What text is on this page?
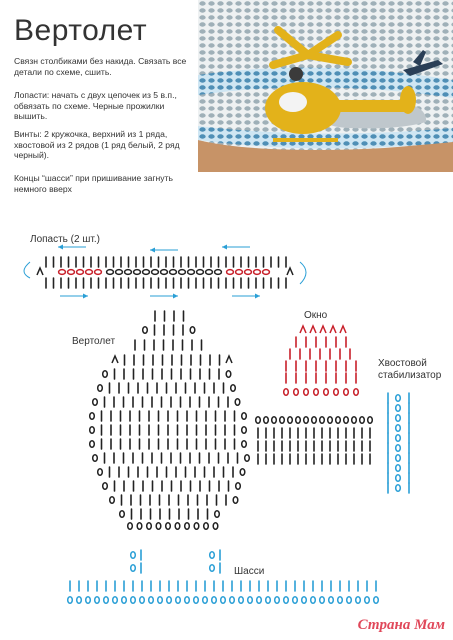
Вертолет
Связн столбиками без накида. Связать все детали по схеме, сшить.
Лопасти: начать с двух цепочек из 5 в.п., обвязать по схеме. Черные прожилки вышить.
Винты: 2 кружочка, верхний из 1 ряда, хвостовой из 2 рядов (1 ряд белый, 2 ряд черный).
Концы “шасси” при пришивание загнуть немного вверх
Лопасть (2 шт.)
Вертолет
Окно
Хвостовой стабилизатор
Шасси
Страна Мам
